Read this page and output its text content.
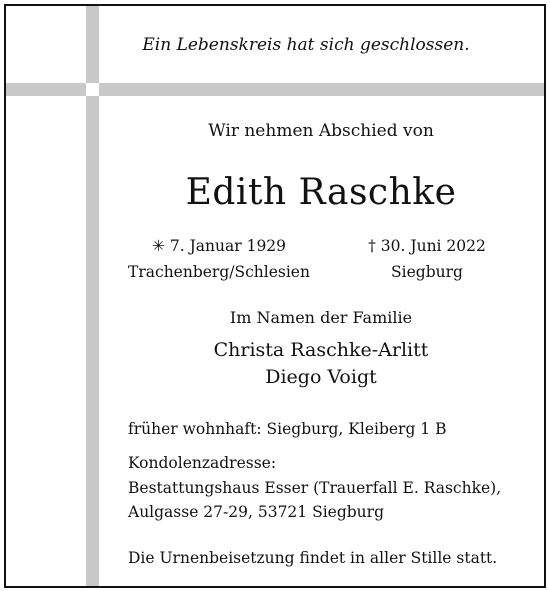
Ein Lebenskreis hat sich geschlossen.
Wir nehmen Abschied von
Edith Raschke
✳ 7. Januar 1929
Trachenberg/Schlesien
† 30. Juni 2022
Siegburg
Im Namen der Familie
Christa Raschke-Arlitt
Diego Voigt
früher wohnhaft: Siegburg, Kleiberg 1 B
Kondolenzadresse:
Bestattungshaus Esser (Trauerfall E. Raschke),
Aulgasse 27-29, 53721 Siegburg
Die Urnenbeisetzung findet in aller Stille statt.
